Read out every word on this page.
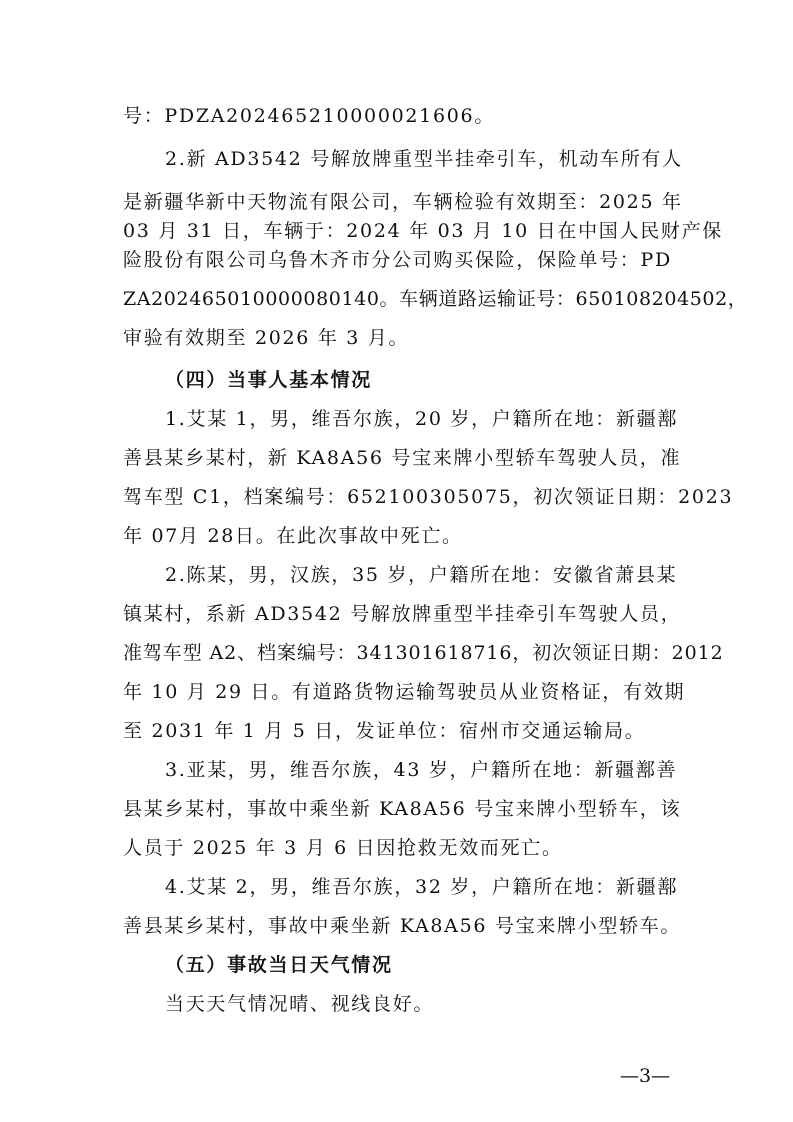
号：PDZA202465210000021606。

2.新 AD3542 号解放牌重型半挂牵引车，机动车所有人

是新疆华新中天物流有限公司，车辆检验有效期至：2025 年

03 月 31 日，车辆于：2024 年 03 月 10 日在中国人民财产保

险股份有限公司乌鲁木齐市分公司购买保险，保险单号：PD

ZA202465010000080140。车辆道路运输证号：650108204502，

审验有效期至 2026 年 3 月。

（四）当事人基本情况

1.艾某 1，男，维吾尔族，20 岁，户籍所在地：新疆鄯

善县某乡某村，新 KA8A56 号宝来牌小型轿车驾驶人员，准

驾车型 C1，档案编号：652100305075，初次领证日期：2023

年 07月 28日。在此次事故中死亡。

2.陈某，男，汉族，35 岁，户籍所在地：安徽省萧县某

镇某村，系新 AD3542 号解放牌重型半挂牵引车驾驶人员，

准驾车型 A2、档案编号：341301618716，初次领证日期：2012

年 10 月 29 日。有道路货物运输驾驶员从业资格证，有效期

至 2031 年 1 月 5 日，发证单位：宿州市交通运输局。

3.亚某，男，维吾尔族，43 岁，户籍所在地：新疆鄯善

县某乡某村，事故中乘坐新 KA8A56 号宝来牌小型轿车，该

人员于 2025 年 3 月 6 日因抢救无效而死亡。

4.艾某 2，男，维吾尔族，32 岁，户籍所在地：新疆鄯

善县某乡某村，事故中乘坐新 KA8A56 号宝来牌小型轿车。

（五）事故当日天气情况

当天天气情况晴、视线良好。

—3—
